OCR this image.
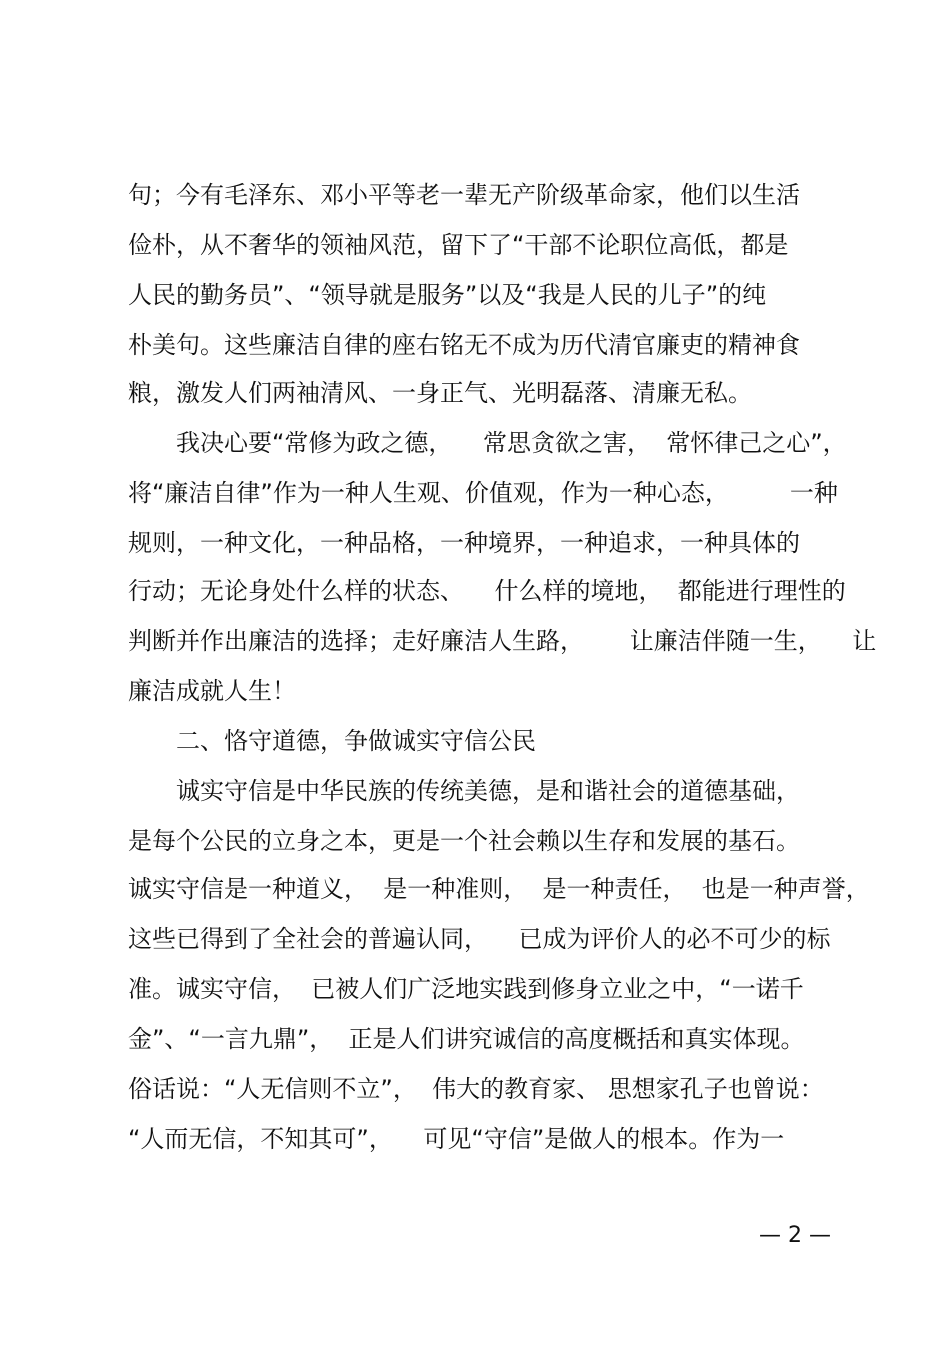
句；今有毛泽东、邓小平等老一辈无产阶级革命家，他们以生活
俭朴，从不奢华的领袖风范，留下了“干部不论职位高低，都是
人民的勤务员”、“领导就是服务”以及“我是人民的儿子”的纯
朴美句。这些廉洁自律的座右铭无不成为历代清官廉吏的精神食
粮，激发人们两袖清风、一身正气、光明磊落、清廉无私。
我决心要“常修为政之德，    常思贪欲之害，  常怀律己之心”，
将“廉洁自律”作为一种人生观、价值观，作为一种心态，        一种
规则，一种文化，一种品格，一种境界，一种追求，一种具体的
行动；无论身处什么样的状态、    什么样的境地，  都能进行理性的
判断并作出廉洁的选择；走好廉洁人生路，      让廉洁伴随一生，    让
廉洁成就人生！
二、恪守道德，争做诚实守信公民
诚实守信是中华民族的传统美德，是和谐社会的道德基础，
是每个公民的立身之本，更是一个社会赖以生存和发展的基石。
诚实守信是一种道义，  是一种准则，  是一种责任，  也是一种声誉，
这些已得到了全社会的普遍认同，    已成为评价人的必不可少的标
准。诚实守信，  已被人们广泛地实践到修身立业之中，“一诺千
金”、“一言九鼎”，  正是人们讲究诚信的高度概括和真实体现。
俗话说：“人无信则不立”，  伟大的教育家、 思想家孔子也曾说：
“人而无信，不知其可”，    可见“守信”是做人的根本。作为一
— 2 —
